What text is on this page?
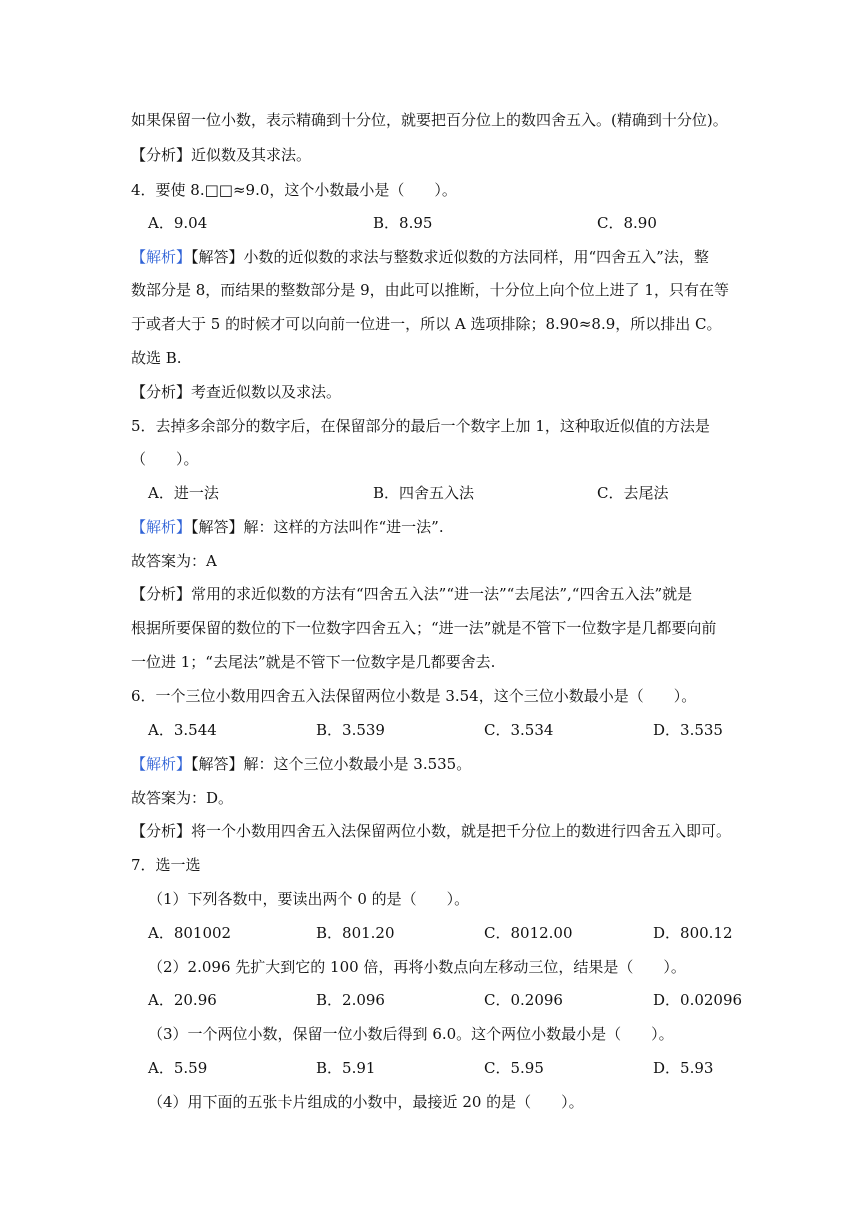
如果保留一位小数，表示精确到十分位，就要把百分位上的数四舍五入。(精确到十分位)。
【分析】近似数及其求法。
4．要使 8.□□≈9.0，这个小数最小是（　　）。
A．9.04	B．8.95	C．8.90
【解析】【解答】小数的近似数的求法与整数求近似数的方法同样，用“四舍五入”法，整
数部分是 8，而结果的整数部分是 9，由此可以推断，十分位上向个位上进了 1，只有在等
于或者大于 5 的时候才可以向前一位进一，所以 A 选项排除；8.90≈8.9，所以排出 C。
故选 B.
【分析】考查近似数以及求法。
5．去掉多余部分的数字后，在保留部分的最后一个数字上加 1，这种取近似值的方法是
（　　）。
A．进一法	B．四舍五入法	C．去尾法
【解析】【解答】解：这样的方法叫作“进一法”.
故答案为：A
【分析】常用的求近似数的方法有“四舍五入法”“进一法”“去尾法”,“四舍五入法”就是
根据所要保留的数位的下一位数字四舍五入；“进一法”就是不管下一位数字是几都要向前
一位进 1；“去尾法”就是不管下一位数字是几都要舍去.
6．一个三位小数用四舍五入法保留两位小数是 3.54，这个三位小数最小是（　　）。
A．3.544	B．3.539	C．3.534	D．3.535
【解析】【解答】解：这个三位小数最小是 3.535。
故答案为：D。
【分析】将一个小数用四舍五入法保留两位小数，就是把千分位上的数进行四舍五入即可。
7．选一选
（1）下列各数中，要读出两个 0 的是（　　）。
A．801002	B．801.20	C．8012.00	D．800.12
（2）2.096 先扩大到它的 100 倍，再将小数点向左移动三位，结果是（　　）。
A．20.96	B．2.096	C．0.2096	D．0.02096
（3）一个两位小数，保留一位小数后得到 6.0。这个两位小数最小是（　　）。
A．5.59	B．5.91	C．5.95	D．5.93
（4）用下面的五张卡片组成的小数中，最接近 20 的是（　　）。
